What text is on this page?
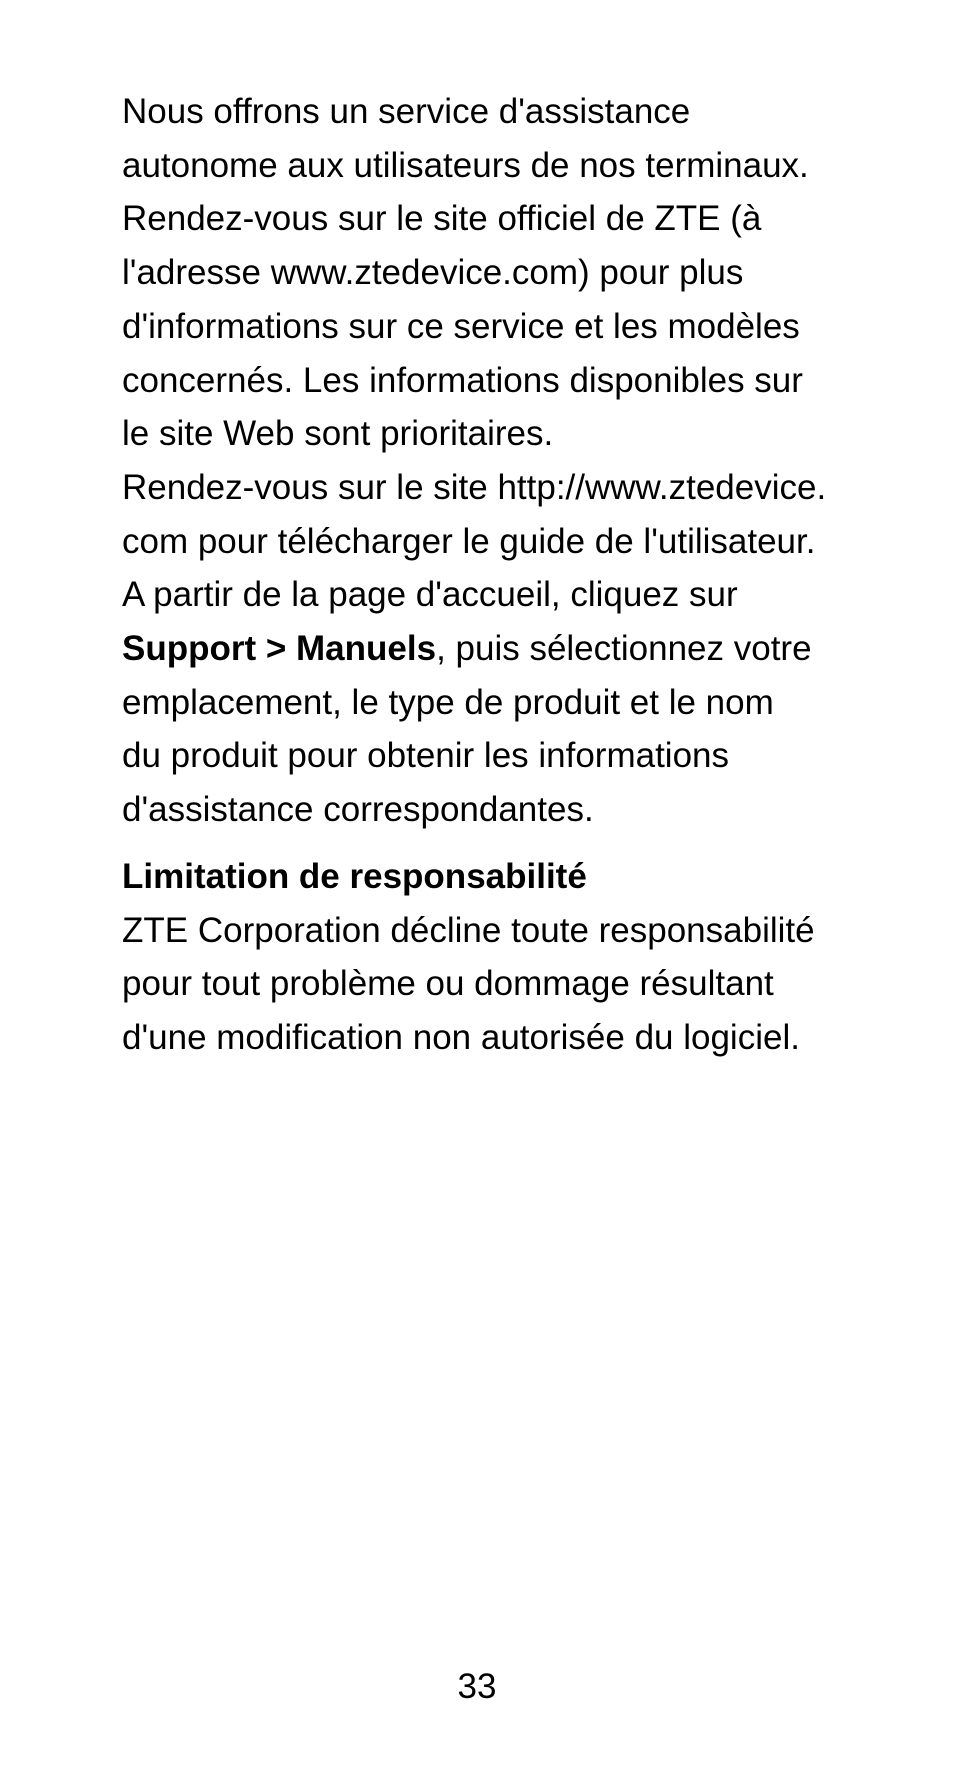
Nous offrons un service d'assistance
autonome aux utilisateurs de nos terminaux.
Rendez-vous sur le site officiel de ZTE (à
l'adresse www.ztedevice.com) pour plus
d'informations sur ce service et les modèles
concernés. Les informations disponibles sur
le site Web sont prioritaires.
Rendez-vous sur le site http://www.ztedevice.
com pour télécharger le guide de l'utilisateur.
A partir de la page d'accueil, cliquez sur
Support > Manuels, puis sélectionnez votre
emplacement, le type de produit et le nom
du produit pour obtenir les informations
d'assistance correspondantes.
Limitation de responsabilité
ZTE Corporation décline toute responsabilité
pour tout problème ou dommage résultant
d'une modification non autorisée du logiciel.
33
